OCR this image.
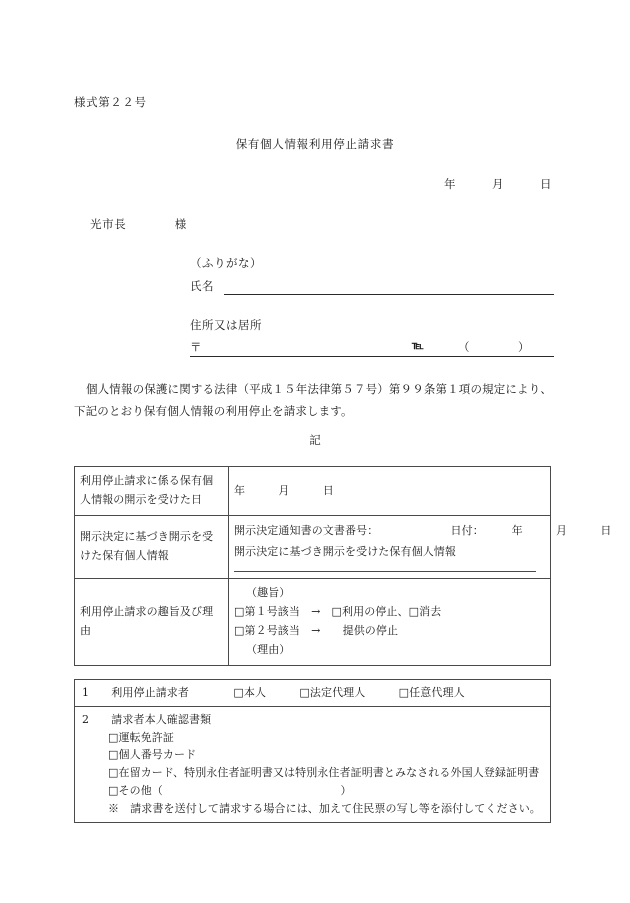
様式第２２号
保有個人情報利用停止請求書
年　　　月　　　日
光市長　　　　様
（ふりがな）
氏名
住所又は居所
〒	℡	（　　　　）
個人情報の保護に関する法律（平成１５年法律第５７号）第９９条第１項の規定により、
下記のとおり保有個人情報の利用停止を請求します。
記
利用停止請求に係る保有個人情報の開示を受けた日	年　　　月　　　日
開示決定に基づき開示を受けた保有個人情報	開示決定通知書の文書番号：　　　　　　　日付：　　　年　　　月　　　日
開示決定に基づき開示を受けた保有個人情報

利用停止請求の趣旨及び理由	（趣旨）
□第１号該当　→　□利用の停止、□消去
□第２号該当　→　　提供の停止
（理由）
1　　利用停止請求者　　　　□本人　　　□法定代理人　　　□任意代理人

2　　請求者本人確認書類
□運転免許証
□個人番号カード
□在留カード、特別永住者証明書又は特別永住者証明書とみなされる外国人登録証明書
□その他（　　　　　　　　　　　　　　　　）
※　請求書を送付して請求する場合には、加えて住民票の写し等を添付してください。
